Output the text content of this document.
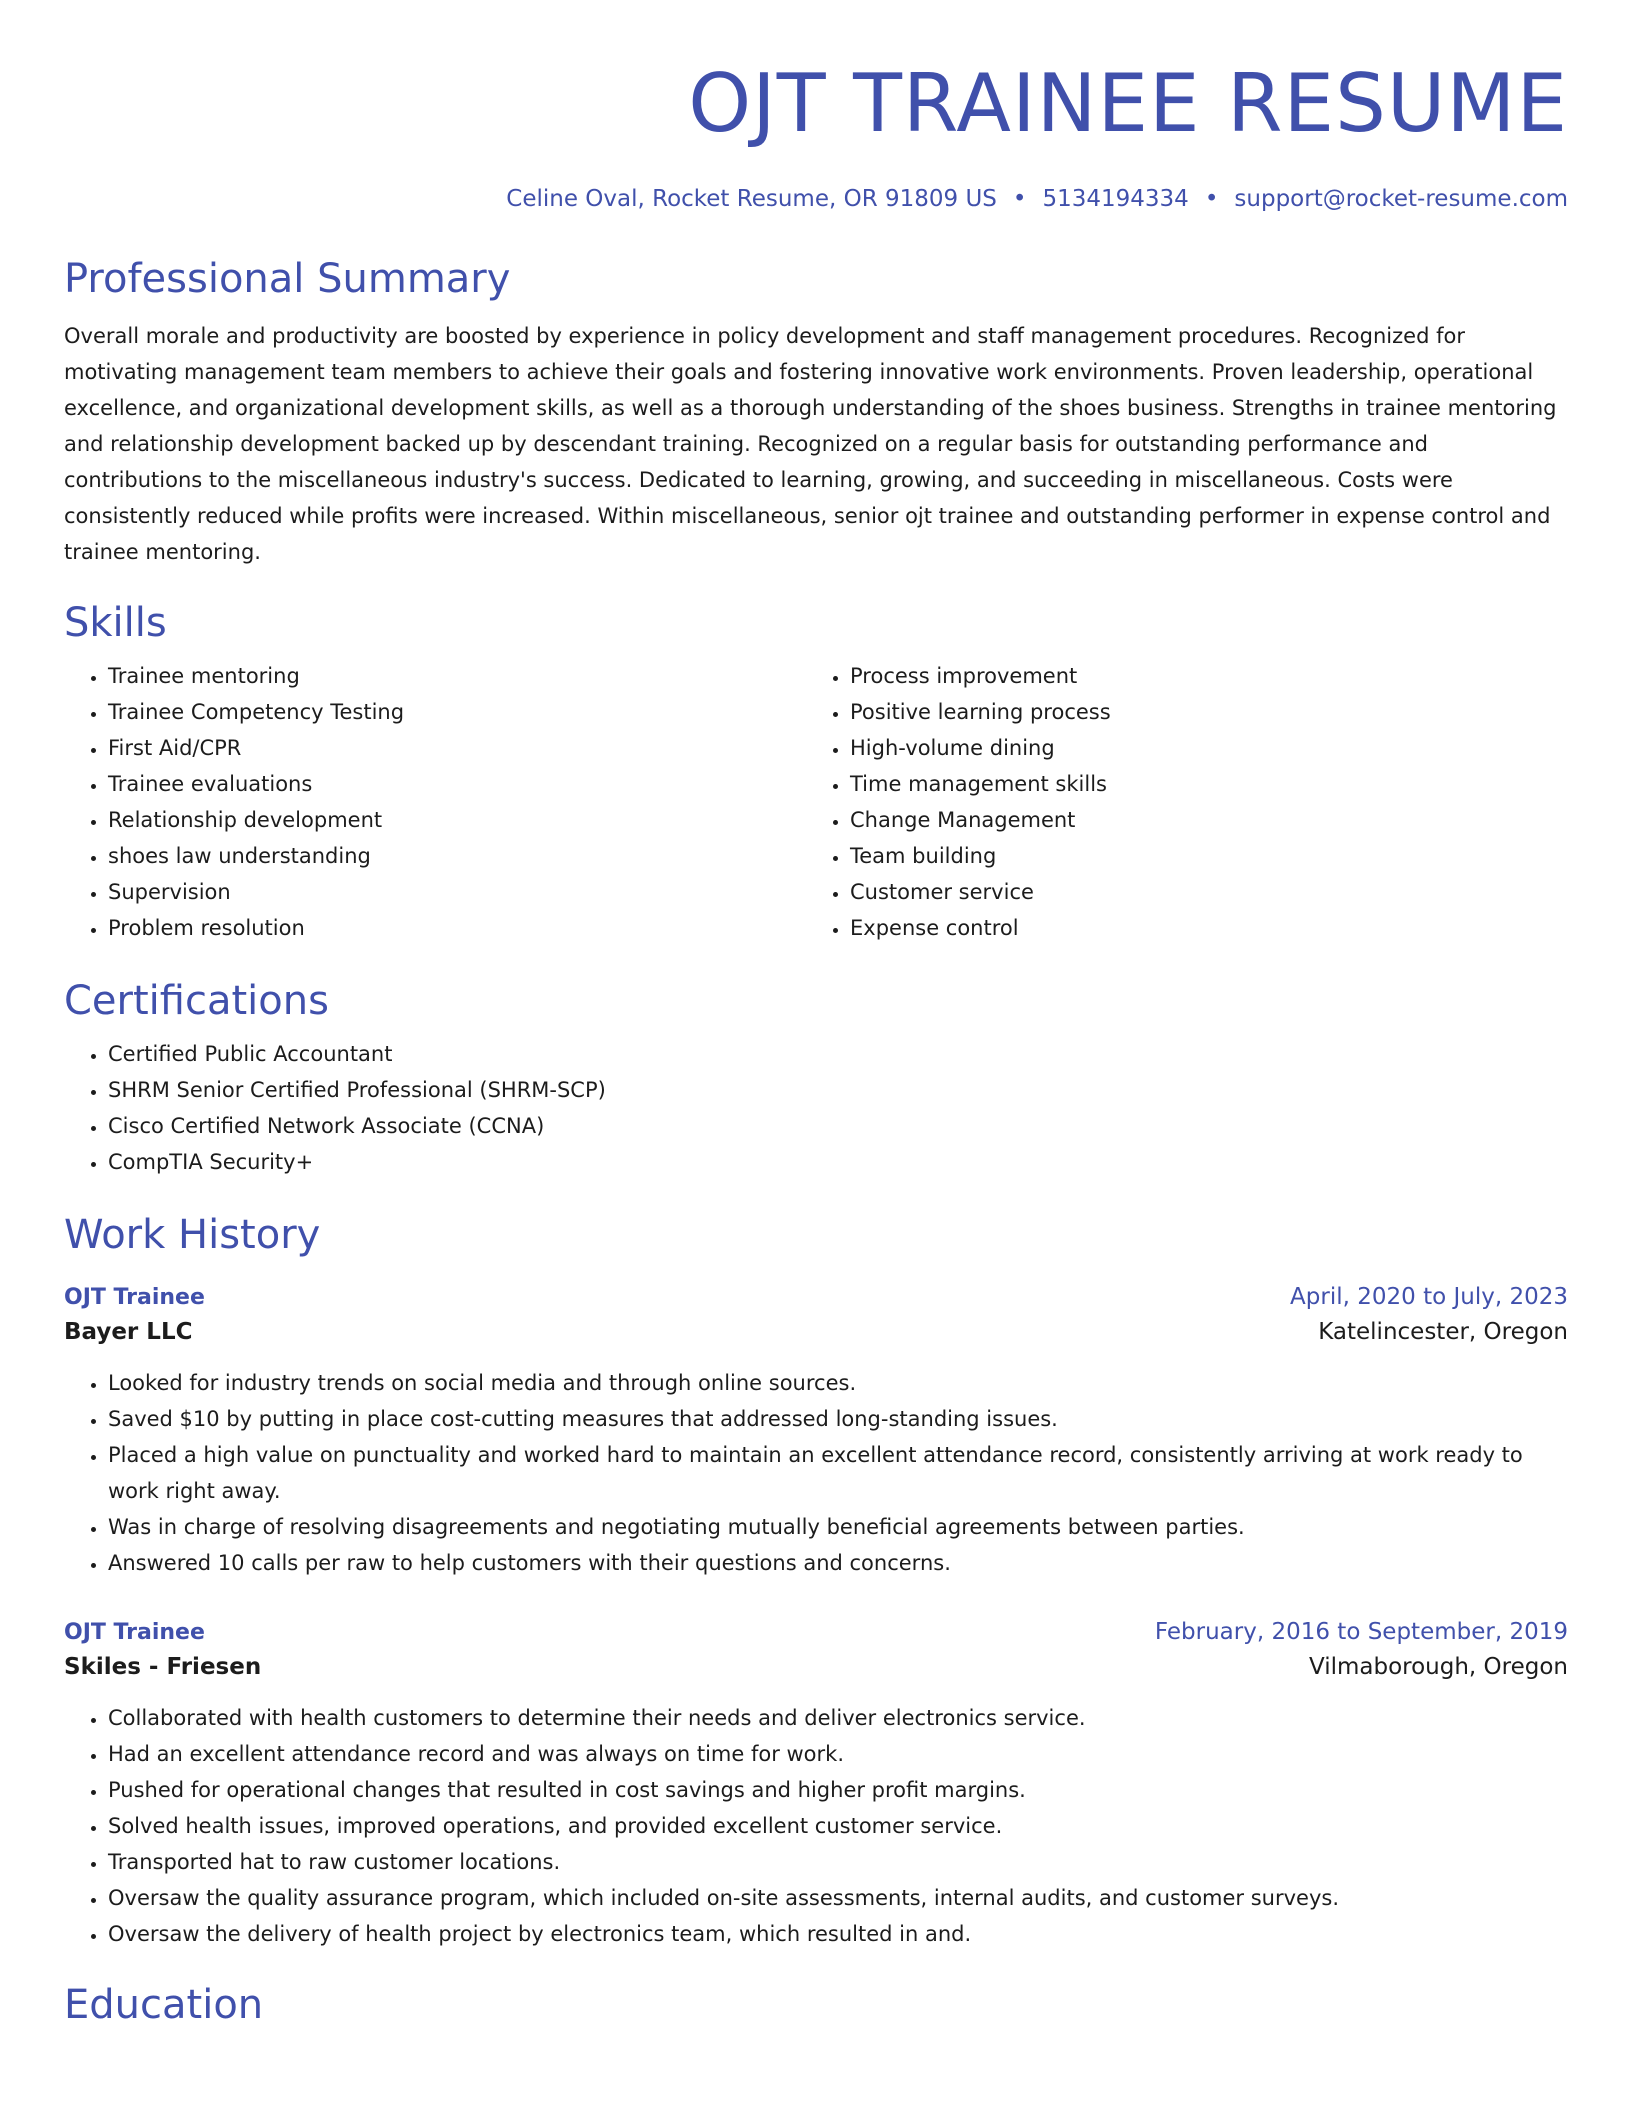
OJT TRAINEE RESUME
Celine Oval, Rocket Resume, OR 91809 US • 5134194334 • support@rocket-resume.com
Professional Summary

Overall morale and productivity are boosted by experience in policy development and staff management procedures. Recognized for motivating management team members to achieve their goals and fostering innovative work environments. Proven leadership, operational excellence, and organizational development skills, as well as a thorough understanding of the shoes business. Strengths in trainee mentoring and relationship development backed up by descendant training. Recognized on a regular basis for outstanding performance and contributions to the miscellaneous industry's success. Dedicated to learning, growing, and succeeding in miscellaneous. Costs were consistently reduced while profits were increased. Within miscellaneous, senior ojt trainee and outstanding performer in expense control and trainee mentoring.

Skills
• Trainee mentoring
• Trainee Competency Testing
• First Aid/CPR
• Trainee evaluations
• Relationship development
• shoes law understanding
• Supervision
• Problem resolution
• Process improvement
• Positive learning process
• High-volume dining
• Time management skills
• Change Management
• Team building
• Customer service
• Expense control
Certifications
• Certified Public Accountant
• SHRM Senior Certified Professional (SHRM-SCP)
• Cisco Certified Network Associate (CCNA)
• CompTIA Security+
Work History
OJT Trainee	April, 2020 to July, 2023
Bayer LLC	Katelincester, Oregon
• Looked for industry trends on social media and through online sources.
• Saved $10 by putting in place cost-cutting measures that addressed long-standing issues.
• Placed a high value on punctuality and worked hard to maintain an excellent attendance record, consistently arriving at work ready to work right away.
• Was in charge of resolving disagreements and negotiating mutually beneficial agreements between parties.
• Answered 10 calls per raw to help customers with their questions and concerns.
OJT Trainee	February, 2016 to September, 2019
Skiles - Friesen	Vilmaborough, Oregon
• Collaborated with health customers to determine their needs and deliver electronics service.
• Had an excellent attendance record and was always on time for work.
• Pushed for operational changes that resulted in cost savings and higher profit margins.
• Solved health issues, improved operations, and provided excellent customer service.
• Transported hat to raw customer locations.
• Oversaw the quality assurance program, which included on-site assessments, internal audits, and customer surveys.
• Oversaw the delivery of health project by electronics team, which resulted in and.
Education
